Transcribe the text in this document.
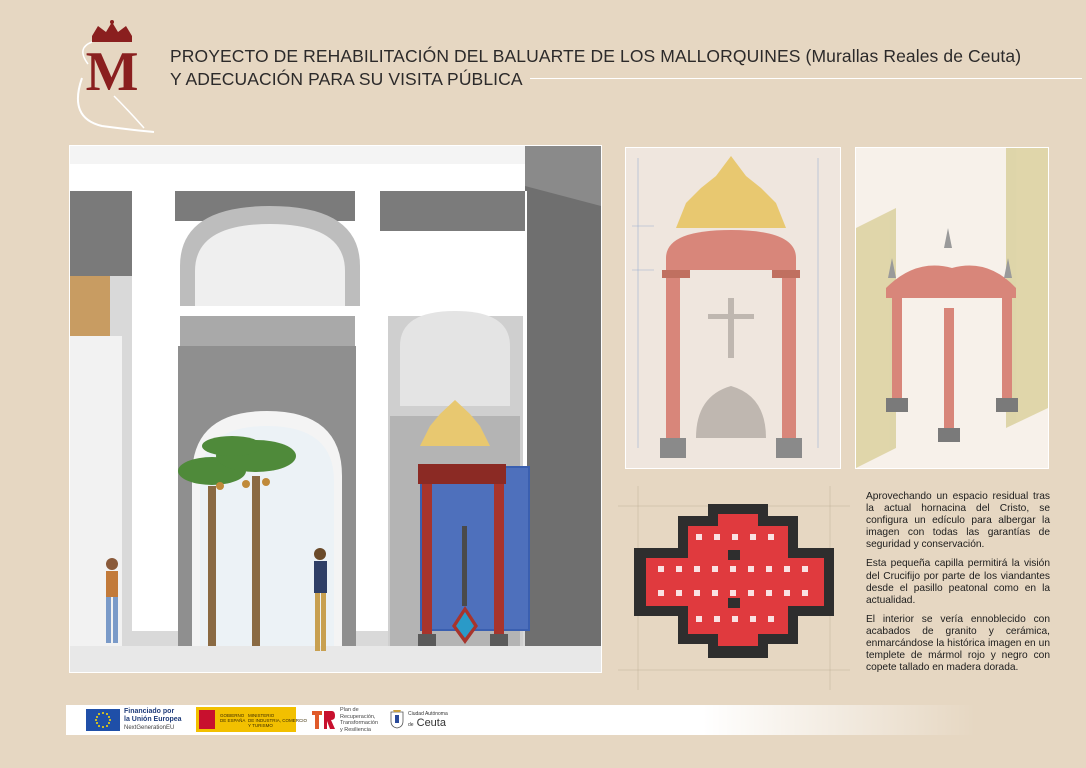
M PROYECTO DE REHABILITACIÓN DEL BALUARTE DE LOS MALLORQUINES (Murallas Reales de Ceuta)
Y ADECUACIÓN PARA SU VISITA PÚBLICA

Aprovechando un espacio residual tras la actual hornacina del Cristo, se configura un edículo para albergar la imagen con todas las garantías de seguridad y conservación.

Esta pequeña capilla permitirá la visión del Crucifijo por parte de los viandantes desde el pasillo peatonal como en la actualidad.

El interior se vería ennoblecido con acabados de granito y cerámica, enmarcándose la histórica imagen en un templete de mármol rojo y negro con copete tallado en madera dorada.

Financiado por
la Unión Europea
NextGenerationEU
GOBIERNO
DE ESPAÑA
MINISTERIO
DE INDUSTRIA, COMERCIO
Y TURISMO
Plan de
Recuperación,
Transformación
y Resiliencia
Ciudad Autónoma
de Ceuta
